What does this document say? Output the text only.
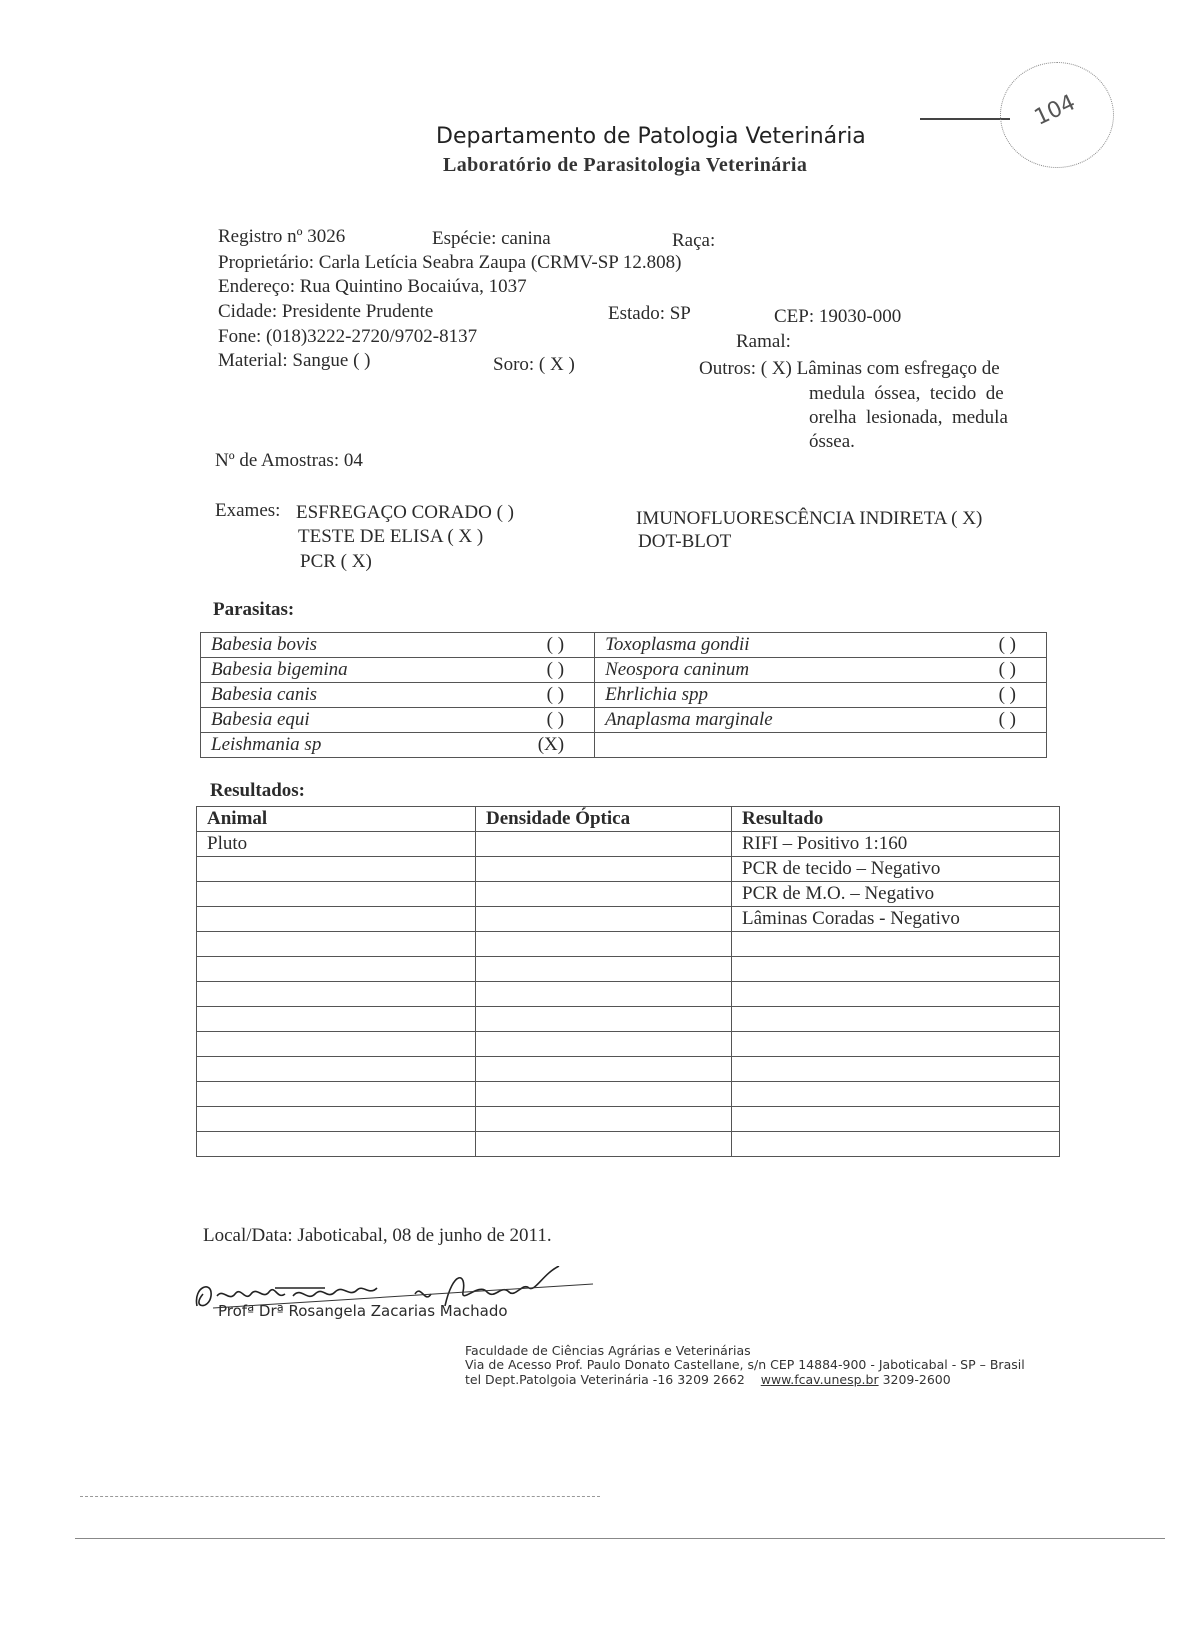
Departamento de Patologia Veterinária
Laboratório de Parasitologia Veterinária
104
Registro nº 3026	Espécie: canina	Raça:
Proprietário: Carla Letícia Seabra Zaupa (CRMV-SP 12.808)
Endereço: Rua Quintino Bocaiúva, 1037
Cidade: Presidente Prudente	Estado: SP	CEP: 19030-000
Fone: (018)3222-2720/9702-8137	Ramal:
Material: Sangue ( )	Soro: ( X )	Outros: ( X) Lâminas com esfregaço de
medula  óssea,  tecido  de
orelha  lesionada,  medula
óssea.
Nº de Amostras: 04
Exames: ESFREGAÇO CORADO ( )
TESTE DE ELISA ( X )
PCR ( X)
IMUNOFLUORESCÊNCIA INDIRETA ( X)
DOT-BLOT
Parasitas:
Babesia bovis	( )	Toxoplasma gondii	( )
Babesia bigemina	( )	Neospora caninum	( )
Babesia canis	( )	Ehrlichia spp	( )
Babesia equi	( )	Anaplasma marginale	( )
Leishmania sp	(X)		
Resultados:
Animal	Densidade Óptica	Resultado
Pluto		RIFI – Positivo 1:160
		PCR de tecido – Negativo
		PCR de M.O. – Negativo
		Lâminas Coradas - Negativo

Local/Data: Jaboticabal, 08 de junho de 2011.
Profª Drª Rosangela Zacarias Machado
Faculdade de Ciências Agrárias e Veterinárias
Via de Acesso Prof. Paulo Donato Castellane, s/n CEP 14884-900 - Jaboticabal - SP – Brasil
tel Dept.Patolgoia Veterinária -16 3209 2662 www.fcav.unesp.br 3209-2600
